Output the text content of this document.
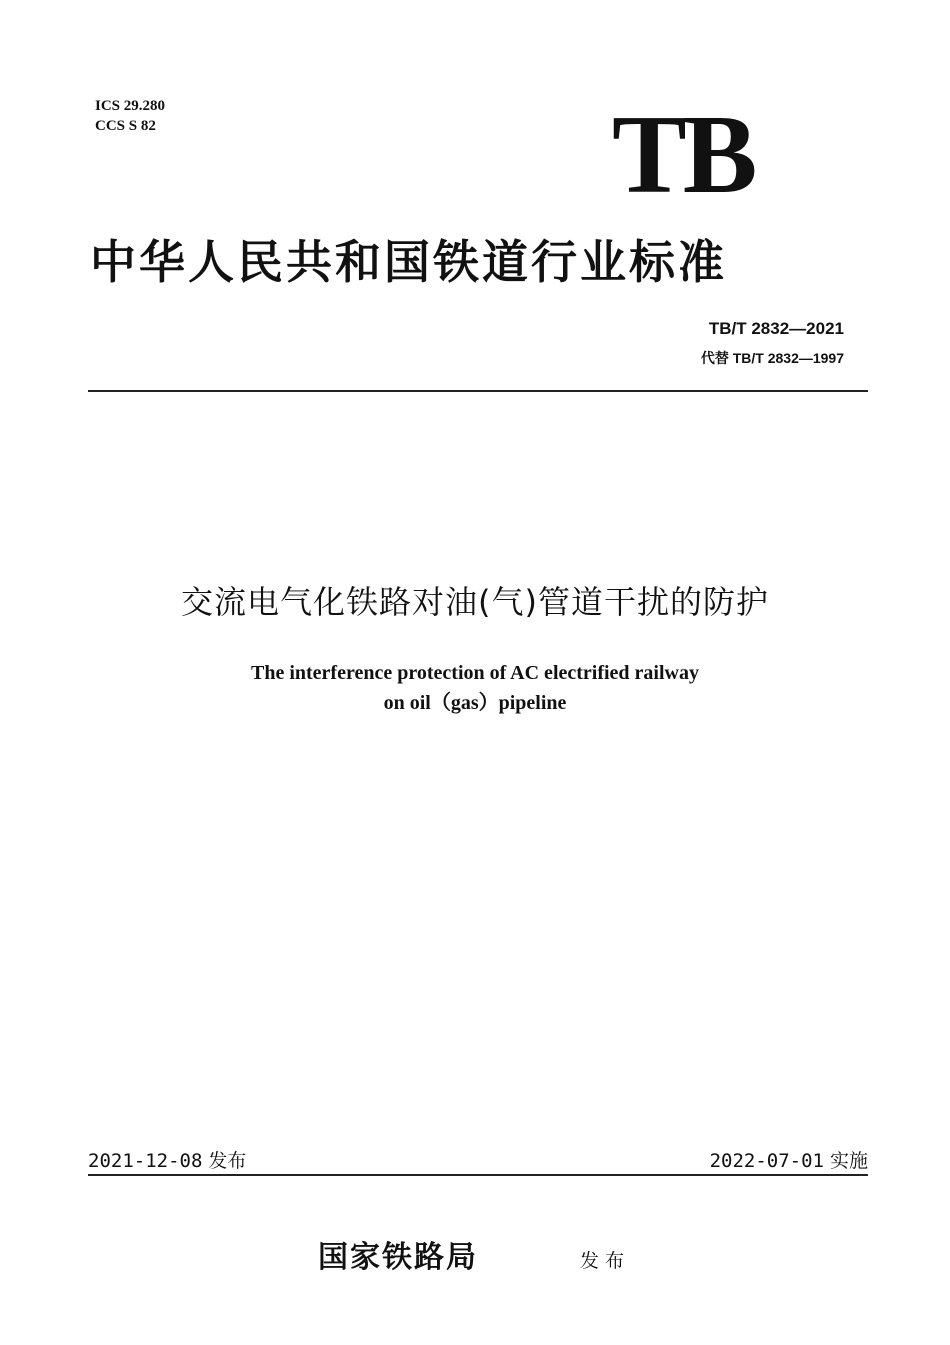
ICS 29.280
CCS S 82	TB
中华人民共和国铁道行业标准
TB/T 2832—2021
代替 TB/T 2832—1997
交流电气化铁路对油(气)管道干扰的防护
The interference protection of AC electrified railway
on oil（gas）pipeline
2021-12-08 发布	2022-07-01 实施
国家铁路局	发布
